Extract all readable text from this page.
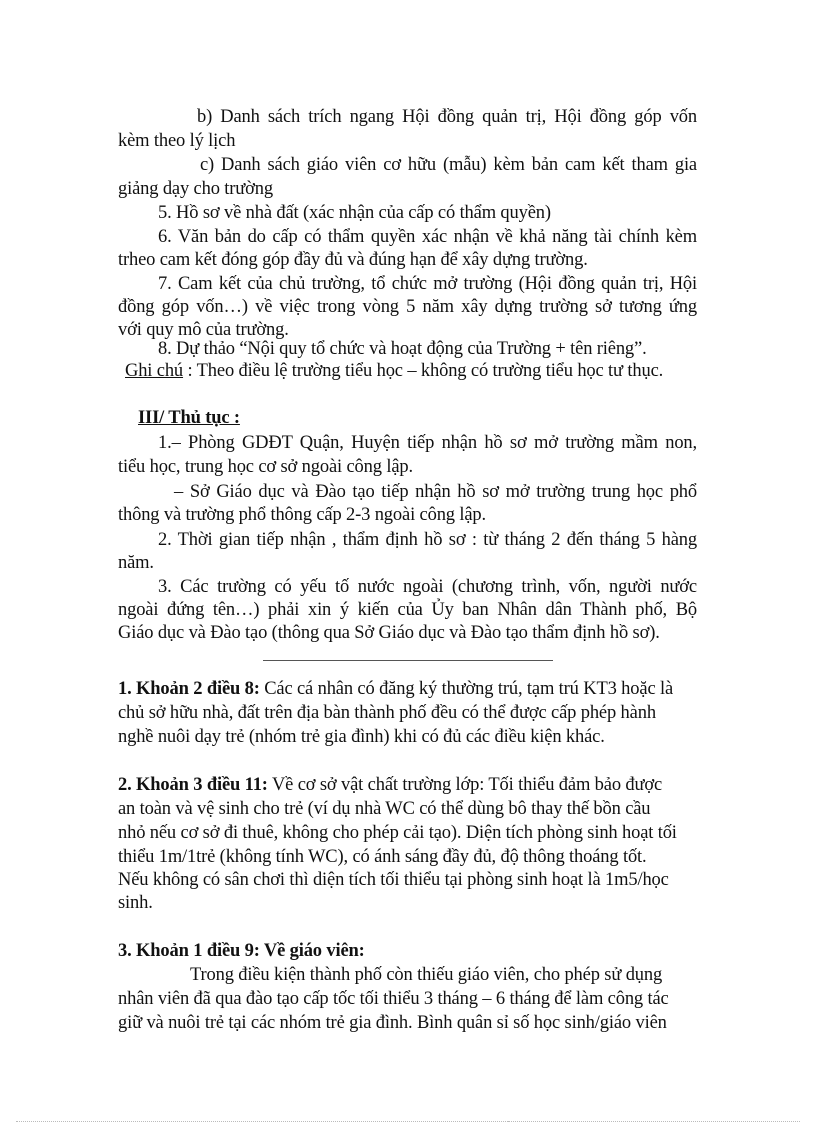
b) Danh sách trích ngang Hội đồng quản trị, Hội đồng góp vốn
kèm theo lý lịch
c) Danh sách giáo viên cơ hữu (mẫu) kèm bản cam kết tham gia
giảng dạy cho trường
5. Hồ sơ về nhà đất (xác nhận của cấp có thẩm quyền)
6. Văn bản do cấp có thẩm quyền xác nhận về khả năng tài chính kèm
trheo cam kết đóng góp đầy đủ và đúng hạn để xây dựng trường.
7. Cam kết của chủ trường, tổ chức mở trường (Hội đồng quản trị, Hội
đồng góp vốn…) về việc trong vòng 5 năm xây dựng trường sở tương ứng
với quy mô của trường.
8. Dự thảo “Nội quy tổ chức và hoạt động của Trường + tên riêng”.
Ghi chú : Theo điều lệ trường tiểu học – không có trường tiểu học tư thục.
III/ Thủ tục :
1.– Phòng GDĐT Quận, Huyện tiếp nhận hồ sơ mở trường mầm non,
tiểu học, trung học cơ sở ngoài công lập.
– Sở Giáo dục và Đào tạo tiếp nhận hồ sơ mở trường trung học phổ
thông và trường phổ thông cấp 2-3 ngoài công lập.
2. Thời gian tiếp nhận , thẩm định hồ sơ : từ tháng 2 đến tháng 5 hàng
năm.
3. Các trường có yếu tố nước ngoài (chương trình, vốn, người nước
ngoài đứng tên…) phải xin ý kiến của Ủy ban Nhân dân Thành phố, Bộ
Giáo dục và Đào tạo (thông qua Sở Giáo dục và Đào tạo thẩm định hồ sơ).
1. Khoản 2 điều 8: Các cá nhân có đăng ký thường trú, tạm trú KT3 hoặc là
chủ sở hữu nhà, đất trên địa bàn thành phố đều có thể được cấp phép hành
nghề nuôi dạy trẻ (nhóm trẻ gia đình) khi có đủ các điều kiện khác.
2. Khoản 3 điều 11: Về cơ sở vật chất trường lớp: Tối thiểu đảm bảo được
an toàn và vệ sinh cho trẻ (ví dụ nhà WC có thể dùng bô thay thế bồn cầu
nhỏ nếu cơ sở đi thuê, không cho phép cải tạo). Diện tích phòng sinh hoạt tối
thiểu 1m/1trẻ (không tính WC), có ánh sáng đầy đủ, độ thông thoáng tốt.
Nếu không có sân chơi thì diện tích tối thiểu tại phòng sinh hoạt là 1m5/học
sinh.
3. Khoản 1 điều 9: Về giáo viên:
Trong điều kiện thành phố còn thiếu giáo viên, cho phép sử dụng
nhân viên đã qua đào tạo cấp tốc tối thiểu 3 tháng – 6 tháng để làm công tác
giữ và nuôi trẻ tại các nhóm trẻ gia đình. Bình quân sỉ số học sinh/giáo viên
